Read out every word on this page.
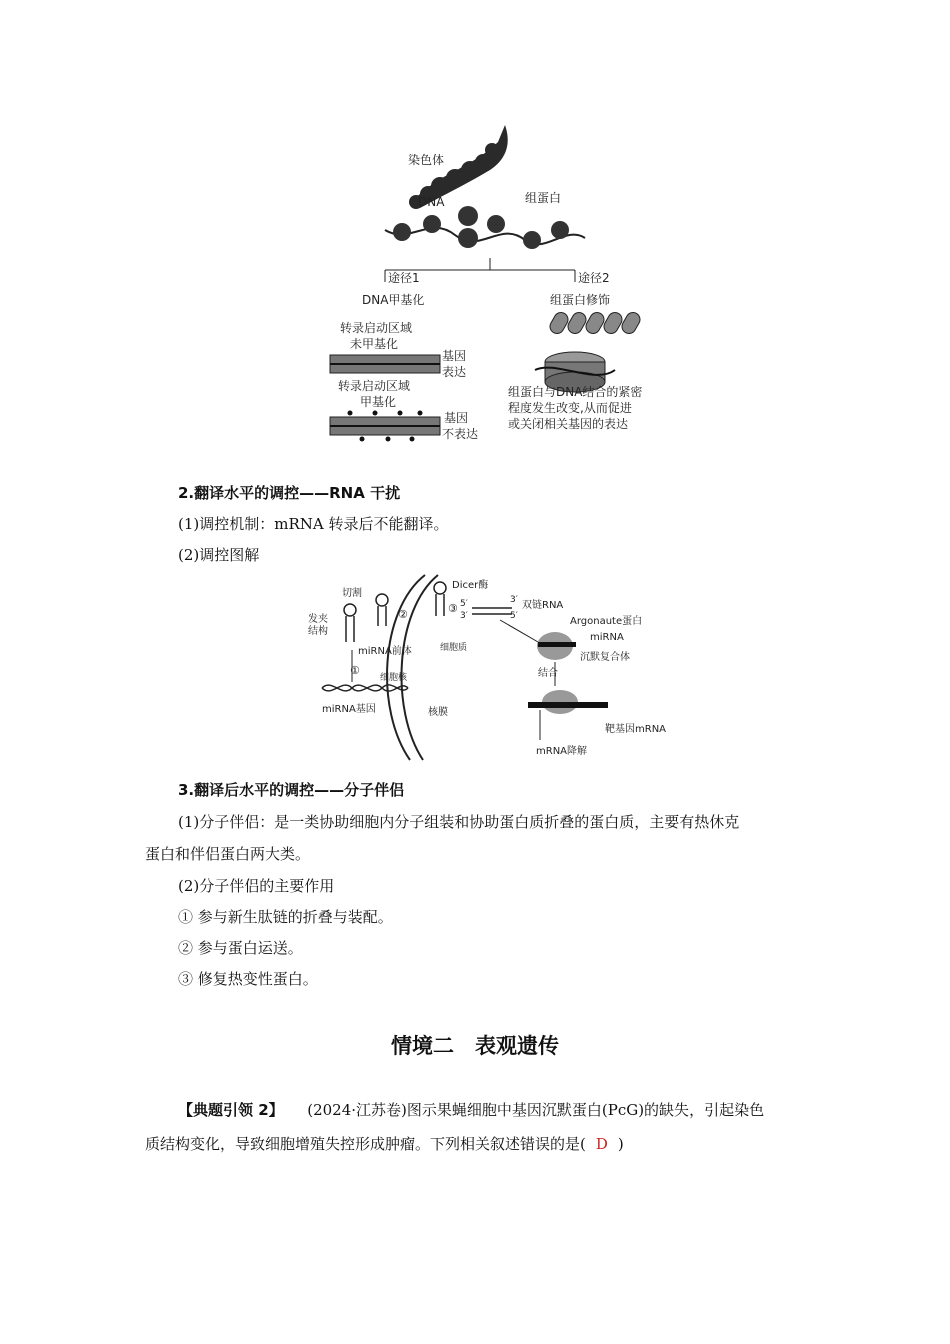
染色体
DNA	组蛋白
途径1	途径2
DNA甲基化	组蛋白修饰
转录启动区域
未甲基化
基因
表达
转录启动区域
甲基化
基因
不表达
组蛋白与DNA结合的紧密
程度发生改变,从而促进
或关闭相关基因的表达
2.翻译水平的调控——RNA 干扰
(1)调控机制：mRNA 转录后不能翻译。
(2)调控图解
发夹
结构
切割
miRNA前体
②
Dicer酶
③ 5′
3′
3′
5′
双链RNA
Argonaute蛋白
miRNA
沉默复合体
细胞核
细胞质
结合
①
miRNA基因	核膜
靶基因mRNA
mRNA降解
3.翻译后水平的调控——分子伴侣
(1)分子伴侣：是一类协助细胞内分子组装和协助蛋白质折叠的蛋白质，主要有热休克
蛋白和伴侣蛋白两大类。
(2)分子伴侣的主要作用
① 参与新生肽链的折叠与装配。
② 参与蛋白运送。
③ 修复热变性蛋白。
情境二　表观遗传
【典题引领 2】 (2024·江苏卷)图示果蝇细胞中基因沉默蛋白(PcG)的缺失，引起染色
质结构变化，导致细胞增殖失控形成肿瘤。下列相关叙述错误的是( D )
